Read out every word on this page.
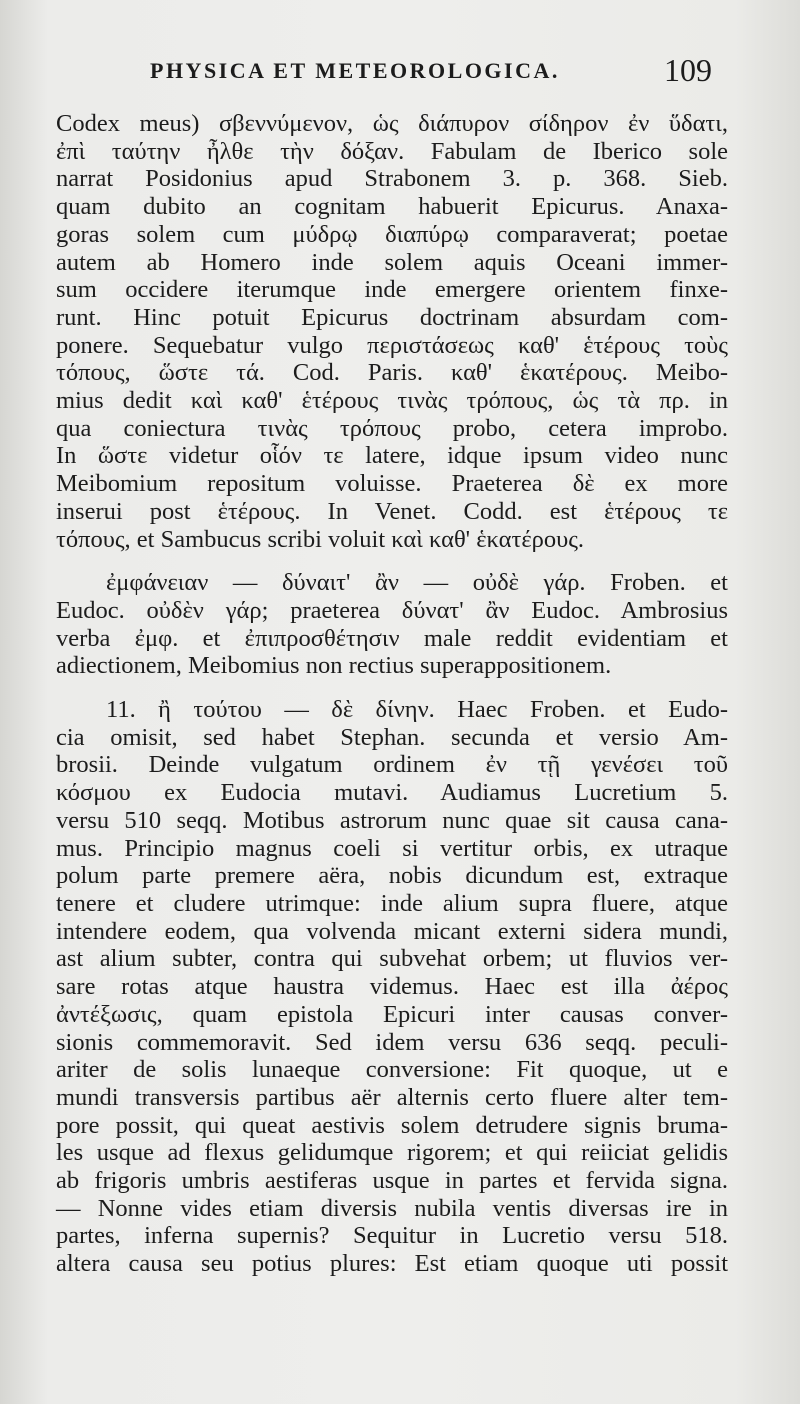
PHYSICA ET METEOROLOGICA.	109
Codex meus) σβεννύμενον, ὡς διάπυρον σίδηρον ἐν ὕδατι,
ἐπὶ ταύτην ἦλθε τὴν δόξαν. Fabulam de Iberico sole
narrat Posidonius apud Strabonem 3. p. 368. Sieb.
quam dubito an cognitam habuerit Epicurus. Anaxa-
goras solem cum μύδρῳ διαπύρῳ comparaverat; poetae
autem ab Homero inde solem aquis Oceani immer-
sum occidere iterumque inde emergere orientem finxe-
runt. Hinc potuit Epicurus doctrinam absurdam com-
ponere. Sequebatur vulgo περιστάσεως καθ' ἑτέρους τοὺς
τόπους, ὥστε τά. Cod. Paris. καθ' ἑκατέρους. Meibo-
mius dedit καὶ καθ' ἑτέρους τινὰς τρόπους, ὡς τὰ πρ. in
qua coniectura τινὰς τρόπους probo, cetera improbo.
In ὥστε videtur οἷόν τε latere, idque ipsum video nunc
Meibomium repositum voluisse. Praeterea δὲ ex more
inserui post ἑτέρους. In Venet. Codd. est ἑτέρους τε
τόπους, et Sambucus scribi voluit καὶ καθ' ἑκατέρους.
ἐμφάνειαν — δύναιτ' ἂν — οὐδὲ γάρ. Froben. et
Eudoc. οὐδὲν γάρ; praeterea δύνατ' ἂν Eudoc. Ambrosius
verba ἐμφ. et ἐπιπροσθέτησιν male reddit evidentiam et
adiectionem, Meibomius non rectius superappositionem.
11. ἢ τούτου — δὲ δίνην. Haec Froben. et Eudo-
cia omisit, sed habet Stephan. secunda et versio Am-
brosii. Deinde vulgatum ordinem ἐν τῇ γενέσει τοῦ
κόσμου ex Eudocia mutavi. Audiamus Lucretium 5.
versu 510 seqq. Motibus astrorum nunc quae sit causa cana-
mus. Principio magnus coeli si vertitur orbis, ex utraque
polum parte premere aëra, nobis dicundum est, extraque
tenere et cludere utrimque: inde alium supra fluere, atque
intendere eodem, qua volvenda micant externi sidera mundi,
ast alium subter, contra qui subvehat orbem; ut fluvios ver-
sare rotas atque haustra videmus. Haec est illa ἀέρος
ἀντέξωσις, quam epistola Epicuri inter causas conver-
sionis commemoravit. Sed idem versu 636 seqq. peculi-
ariter de solis lunaeque conversione: Fit quoque, ut e
mundi transversis partibus aër alternis certo fluere alter tem-
pore possit, qui queat aestivis solem detrudere signis bruma-
les usque ad flexus gelidumque rigorem; et qui reiiciat gelidis
ab frigoris umbris aestiferas usque in partes et fervida signa.
— Nonne vides etiam diversis nubila ventis diversas ire in
partes, inferna supernis? Sequitur in Lucretio versu 518.
altera causa seu potius plures: Est etiam quoque uti possit
